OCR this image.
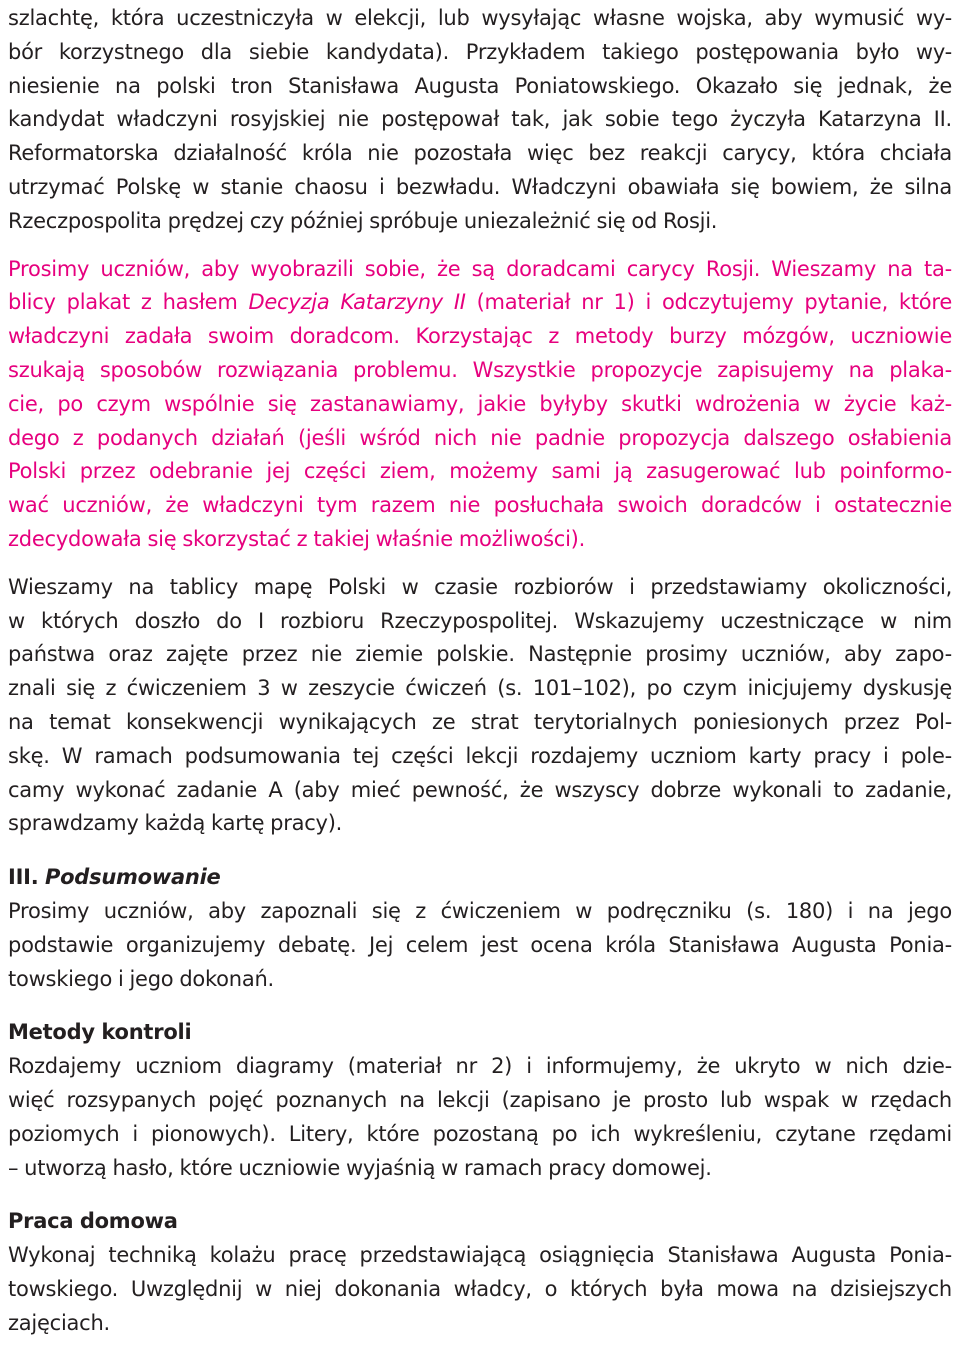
szlachtę, która uczestniczyła w elekcji, lub wysyłając własne wojska, aby wymusić wy-
bór korzystnego dla siebie kandydata). Przykładem takiego postępowania było wy-
niesienie na polski tron Stanisława Augusta Poniatowskiego. Okazało się jednak, że
kandydat władczyni rosyjskiej nie postępował tak, jak sobie tego życzyła Katarzyna II.
Reformatorska działalność króla nie pozostała więc bez reakcji carycy, która chciała
utrzymać Polskę w stanie chaosu i bezwładu. Władczyni obawiała się bowiem, że silna
Rzeczpospolita prędzej czy później spróbuje uniezależnić się od Rosji.
Prosimy uczniów, aby wyobrazili sobie, że są doradcami carycy Rosji. Wieszamy na ta-
blicy plakat z hasłem Decyzja Katarzyny II (materiał nr 1) i odczytujemy pytanie, które
władczyni zadała swoim doradcom. Korzystając z metody burzy mózgów, uczniowie
szukają sposobów rozwiązania problemu. Wszystkie propozycje zapisujemy na plaka-
cie, po czym wspólnie się zastanawiamy, jakie byłyby skutki wdrożenia w życie każ-
dego z podanych działań (jeśli wśród nich nie padnie propozycja dalszego osłabienia
Polski przez odebranie jej części ziem, możemy sami ją zasugerować lub poinformo-
wać uczniów, że władczyni tym razem nie posłuchała swoich doradców i ostatecznie
zdecydowała się skorzystać z takiej właśnie możliwości).
Wieszamy na tablicy mapę Polski w czasie rozbiorów i przedstawiamy okoliczności,
w których doszło do I rozbioru Rzeczypospolitej. Wskazujemy uczestniczące w nim
państwa oraz zajęte przez nie ziemie polskie. Następnie prosimy uczniów, aby zapo-
znali się z ćwiczeniem 3 w zeszycie ćwiczeń (s. 101–102), po czym inicjujemy dyskusję
na temat konsekwencji wynikających ze strat terytorialnych poniesionych przez Pol-
skę. W ramach podsumowania tej części lekcji rozdajemy uczniom karty pracy i pole-
camy wykonać zadanie A (aby mieć pewność, że wszyscy dobrze wykonali to zadanie,
sprawdzamy każdą kartę pracy).
III. Podsumowanie
Prosimy uczniów, aby zapoznali się z ćwiczeniem w podręczniku (s. 180) i na jego
podstawie organizujemy debatę. Jej celem jest ocena króla Stanisława Augusta Ponia-
towskiego i jego dokonań.
Metody kontroli
Rozdajemy uczniom diagramy (materiał nr 2) i informujemy, że ukryto w nich dzie-
więć rozsypanych pojęć poznanych na lekcji (zapisano je prosto lub wspak w rzędach
poziomych i pionowych). Litery, które pozostaną po ich wykreśleniu, czytane rzędami
– utworzą hasło, które uczniowie wyjaśnią w ramach pracy domowej.
Praca domowa
Wykonaj techniką kolażu pracę przedstawiającą osiągnięcia Stanisława Augusta Ponia-
towskiego. Uwzględnij w niej dokonania władcy, o których była mowa na dzisiejszych
zajęciach.
